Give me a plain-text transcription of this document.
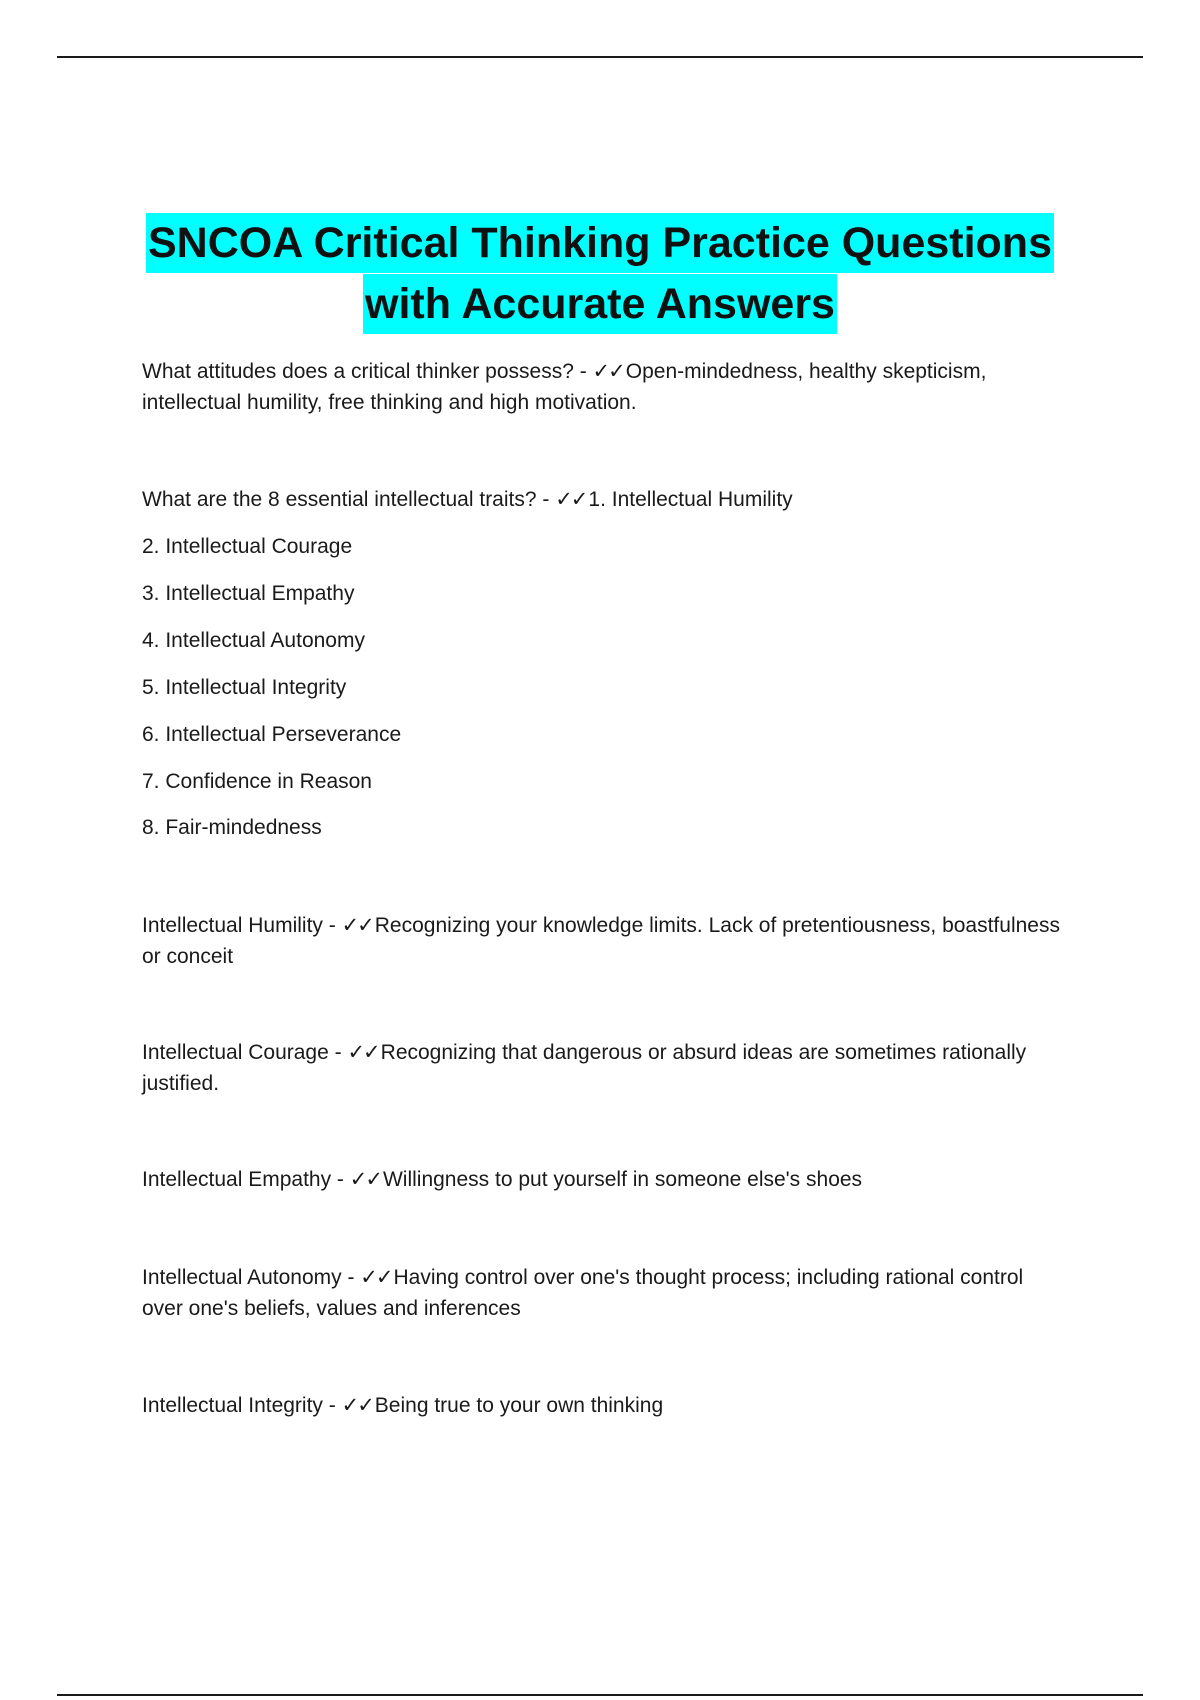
SNCOA Critical Thinking Practice Questions
with Accurate Answers

What attitudes does a critical thinker possess? - ✓✓Open-mindedness, healthy skepticism, intellectual humility, free thinking and high motivation.

What are the 8 essential intellectual traits? - ✓✓1. Intellectual Humility

2. Intellectual Courage

3. Intellectual Empathy

4. Intellectual Autonomy

5. Intellectual Integrity

6. Intellectual Perseverance

7. Confidence in Reason

8. Fair-mindedness

Intellectual Humility - ✓✓Recognizing your knowledge limits. Lack of pretentiousness, boastfulness or conceit

Intellectual Courage - ✓✓Recognizing that dangerous or absurd ideas are sometimes rationally justified.

Intellectual Empathy - ✓✓Willingness to put yourself in someone else's shoes

Intellectual Autonomy - ✓✓Having control over one's thought process; including rational control over one's beliefs, values and inferences

Intellectual Integrity - ✓✓Being true to your own thinking
